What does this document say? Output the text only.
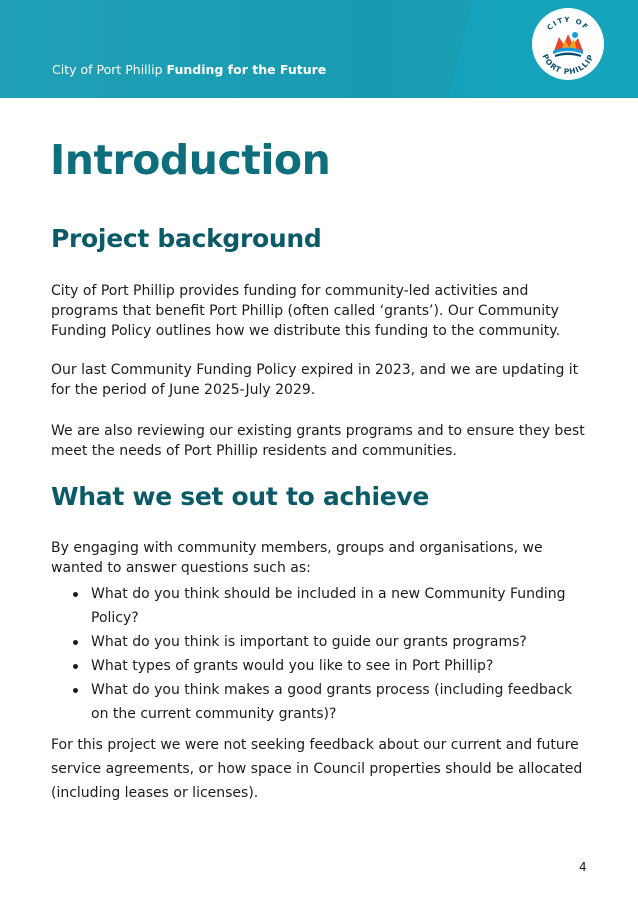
City of Port Phillip Funding for the Future
CITY OF
PORT PHILLIP
Introduction
Project background

City of Port Phillip provides funding for community-led activities and programs that benefit Port Phillip (often called ‘grants’). Our Community Funding Policy outlines how we distribute this funding to the community.

Our last Community Funding Policy expired in 2023, and we are updating it for the period of June 2025-July 2029.

We are also reviewing our existing grants programs and to ensure they best meet the needs of Port Phillip residents and communities.

What we set out to achieve

By engaging with community members, groups and organisations, we wanted to answer questions such as:

What do you think should be included in a new Community Funding Policy?
What do you think is important to guide our grants programs?
What types of grants would you like to see in Port Phillip?
What do you think makes a good grants process (including feedback on the current community grants)?

For this project we were not seeking feedback about our current and future service agreements, or how space in Council properties should be allocated (including leases or licenses).

4
